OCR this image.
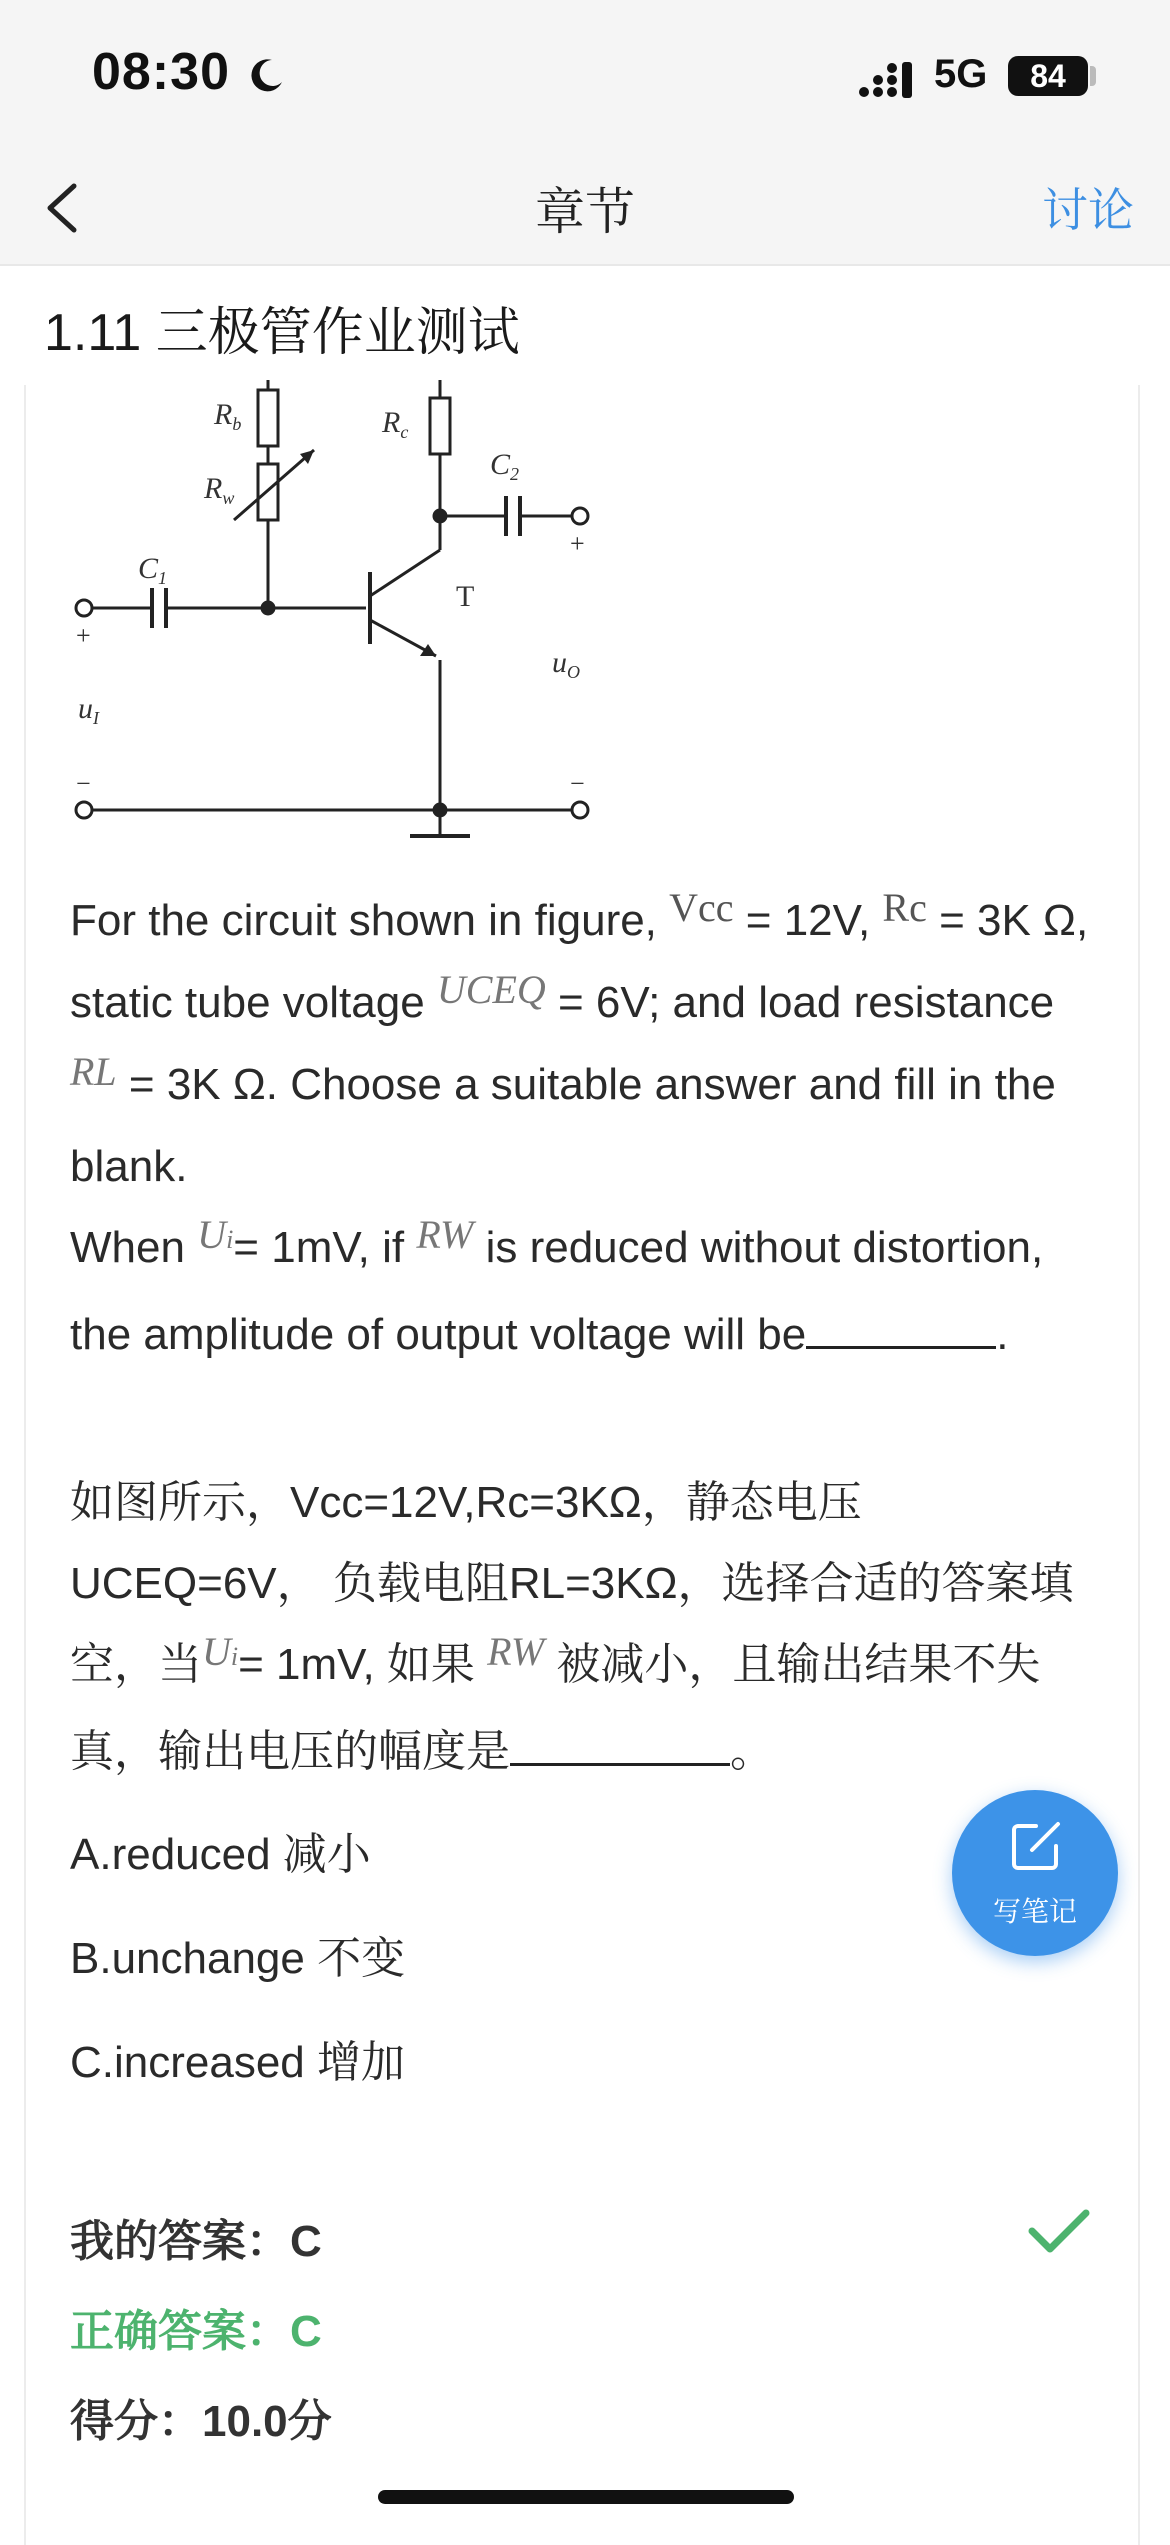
08:30	5G	84
章节	讨论
1.11 三极管作业测试
$R_b$
$R_w$
$R_c$
$C_1$
$C_2$
T
$u_I$
$u_O$
+
+
−	−
For the circuit shown in figure, Vcc = 12V, Rc = 3K Ω, static tube voltage UCEQ = 6V; and load resistance RL = 3K Ω. Choose a suitable answer and fill in the blank.
When Ui= 1mV, if RW is reduced without distortion, the amplitude of output voltage will be	.
如图所示，Vcc=12V,Rc=3KΩ，静态电压UCEQ=6V， 负载电阻RL=3KΩ，选择合适的答案填空，当Ui= 1mV, 如果 RW 被减小，且输出结果不失真，输出电压的幅度是	。
A.reduced 减小
B.unchange 不变
C.increased 增加
我的答案：C
正确答案：C
得分：10.0分
写笔记
